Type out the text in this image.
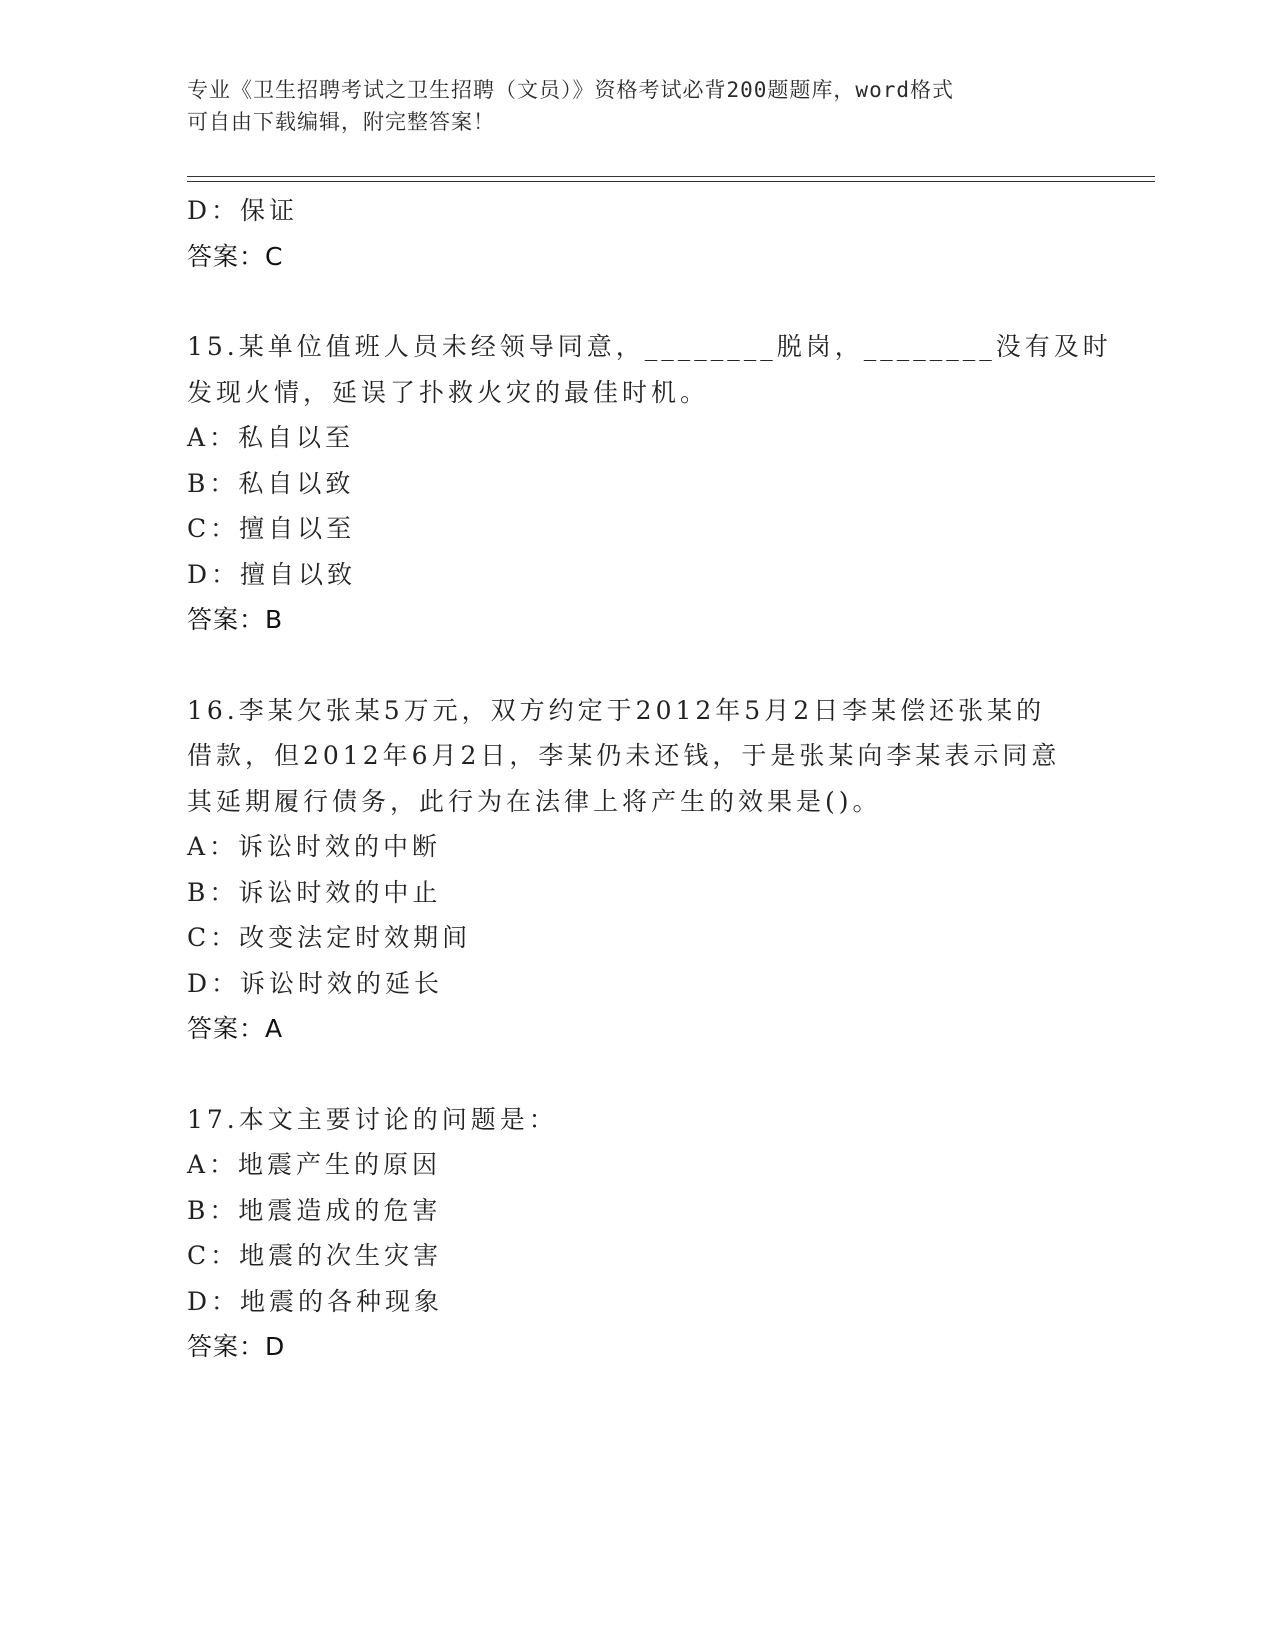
专业《卫生招聘考试之卫生招聘（文员）》资格考试必背200题题库，word格式
可自由下载编辑，附完整答案！
D：保证
答案：C
15.某单位值班人员未经领导同意，________脱岗，________没有及时
发现火情，延误了扑救火灾的最佳时机。
A：私自以至
B：私自以致
C：擅自以至
D：擅自以致
答案：B
16.李某欠张某5万元，双方约定于2012年5月2日李某偿还张某的
借款，但2012年6月2日，李某仍未还钱，于是张某向李某表示同意
其延期履行债务，此行为在法律上将产生的效果是()。
A：诉讼时效的中断
B：诉讼时效的中止
C：改变法定时效期间
D：诉讼时效的延长
答案：A
17.本文主要讨论的问题是：
A：地震产生的原因
B：地震造成的危害
C：地震的次生灾害
D：地震的各种现象
答案：D
